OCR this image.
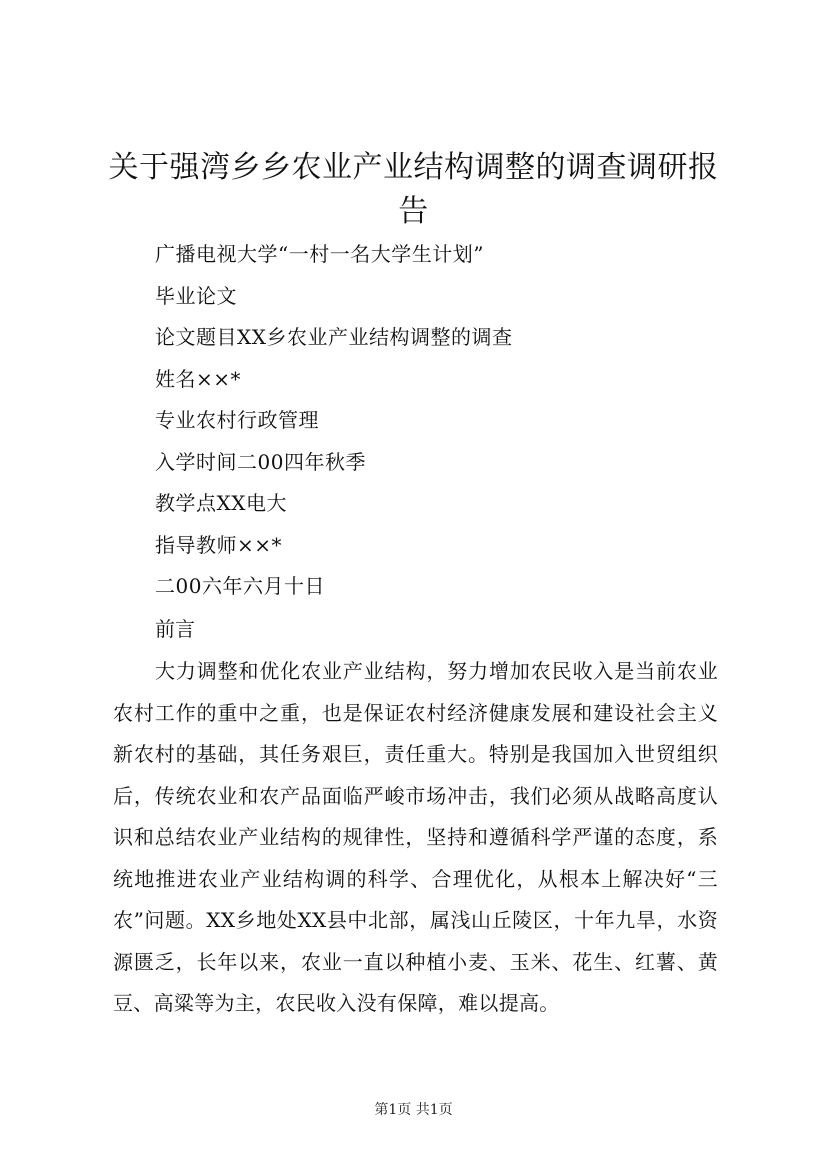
关于强湾乡乡农业产业结构调整的调查调研报告
广播电视大学“一村一名大学生计划”
毕业论文
论文题目XX乡农业产业结构调整的调查
姓名××*
专业农村行政管理
入学时间二00四年秋季
教学点XX电大
指导教师××*
二00六年六月十日

前言

大力调整和优化农业产业结构，努力增加农民收入是当前农业农村工作的重中之重，也是保证农村经济健康发展和建设社会主义新农村的基础，其任务艰巨，责任重大。特别是我国加入世贸组织后，传统农业和农产品面临严峻市场冲击，我们必须从战略高度认识和总结农业产业结构的规律性，坚持和遵循科学严谨的态度，系统地推进农业产业结构调的科学、合理优化，从根本上解决好“三农”问题。XX乡地处XX县中北部，属浅山丘陵区，十年九旱，水资源匮乏，长年以来，农业一直以种植小麦、玉米、花生、红薯、黄豆、高粱等为主，农民收入没有保障，难以提高。

第1页 共1页
